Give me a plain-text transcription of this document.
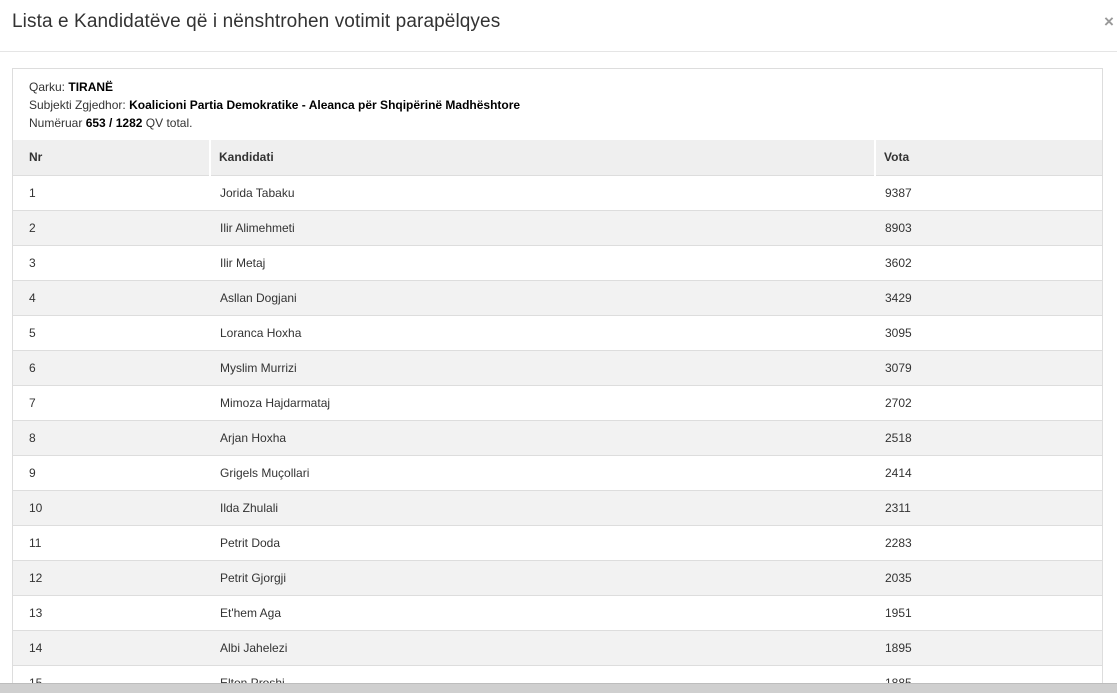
Lista e Kandidatëve që i nënshtrohen votimit parapëlqyes	×
Qarku: TIRANË
Subjekti Zgjedhor: Koalicioni Partia Demokratike - Aleanca për Shqipërinë Madhështore
Numëruar 653 / 1282 QV total.
Nr	Kandidati	Vota
1	Jorida Tabaku	9387
2	Ilir Alimehmeti	8903
3	Ilir Metaj	3602
4	Asllan Dogjani	3429
5	Loranca Hoxha	3095
6	Myslim Murrizi	3079
7	Mimoza Hajdarmataj	2702
8	Arjan Hoxha	2518
9	Grigels Muçollari	2414
10	Ilda Zhulali	2311
11	Petrit Doda	2283
12	Petrit Gjorgji	2035
13	Et'hem Aga	1951
14	Albi Jahelezi	1895
